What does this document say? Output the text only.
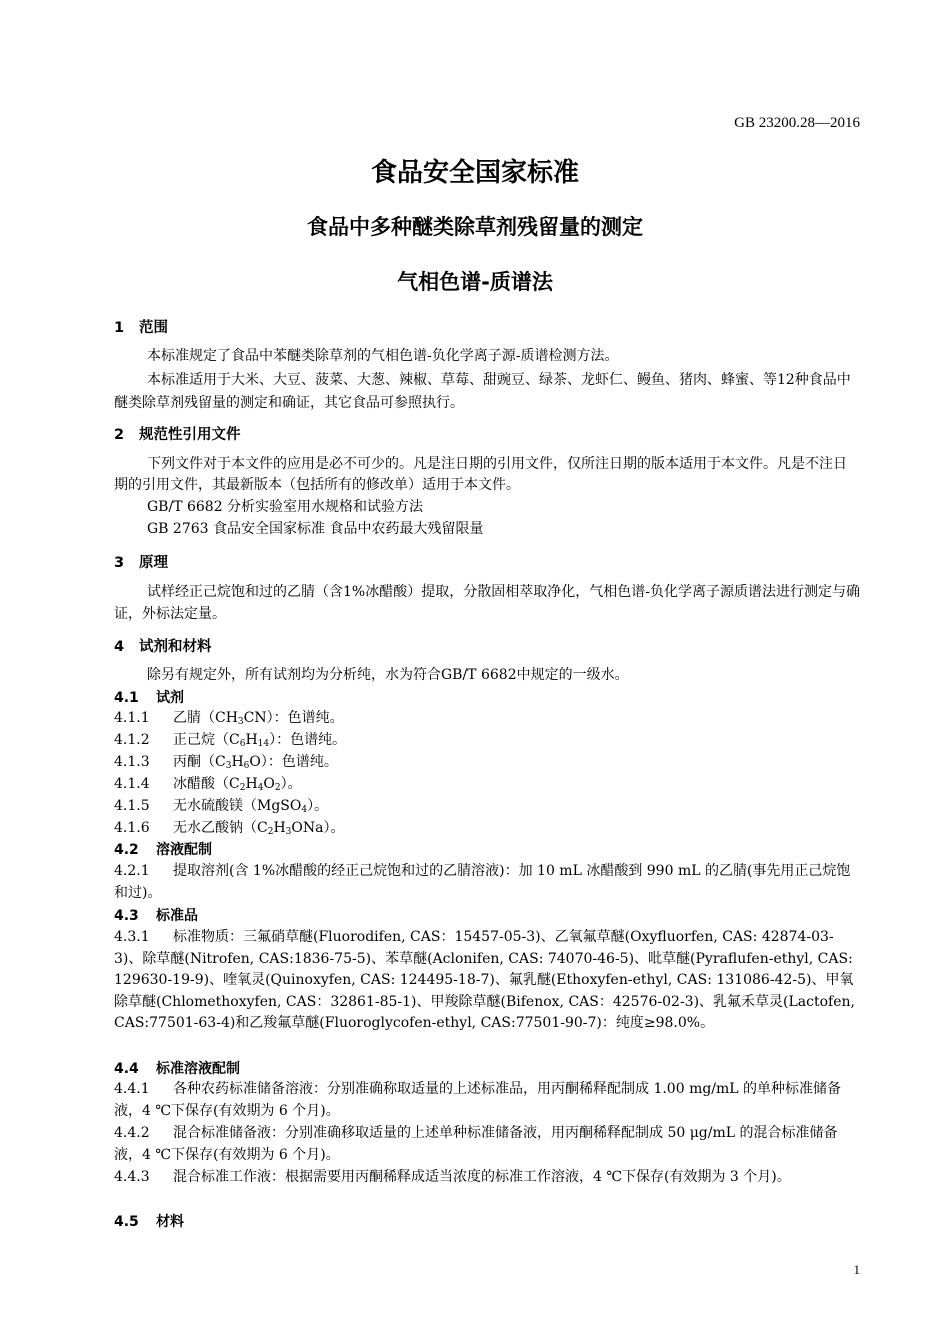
GB 23200.28—2016
食品安全国家标准
食品中多种醚类除草剂残留量的测定
气相色谱-质谱法
1 范围
本标准规定了食品中苯醚类除草剂的气相色谱-负化学离子源-质谱检测方法。
本标准适用于大米、大豆、菠菜、大葱、辣椒、草莓、甜豌豆、绿茶、龙虾仁、鳗鱼、猪肉、蜂蜜、等12种食品中醚类除草剂残留量的测定和确证，其它食品可参照执行。
2 规范性引用文件
下列文件对于本文件的应用是必不可少的。凡是注日期的引用文件，仅所注日期的版本适用于本文件。凡是不注日期的引用文件，其最新版本（包括所有的修改单）适用于本文件。
GB/T 6682 分析实验室用水规格和试验方法
GB 2763 食品安全国家标准 食品中农药最大残留限量
3 原理
试样经正己烷饱和过的乙腈（含1%冰醋酸）提取，分散固相萃取净化，气相色谱-负化学离子源质谱法进行测定与确证，外标法定量。
4 试剂和材料
除另有规定外，所有试剂均为分析纯，水为符合GB/T 6682中规定的一级水。
4.1 试剂
4.1.1 乙腈$(CH_3CN)$：色谱纯。
4.1.2 正己烷$(C_6H_{14})$：色谱纯。
4.1.3 丙酮$(C_3H_6O)$：色谱纯。
4.1.4 冰醋酸$(C_2H_4O_2)$。
4.1.5 无水硫酸镁（MgSO$_4$）。
4.1.6 无水乙酸钠$(C_2H_3ONa)$。
4.2 溶液配制
4.2.1 提取溶剂(含 1%冰醋酸的经正己烷饱和过的乙腈溶液)：加 10 mL 冰醋酸到 990 mL 的乙腈(事先用正己烷饱和过)。
4.3 标准品
4.3.1 标准物质：三氟硝草醚(Fluorodifen, CAS：15457-05-3)、乙氧氟草醚(Oxyfluorfen, CAS: 42874-03-3)、除草醚(Nitrofen, CAS:1836-75-5)、苯草醚(Aclonifen, CAS: 74070-46-5)、吡草醚(Pyraflufen-ethyl, CAS: 129630-19-9)、喹氧灵(Quinoxyfen, CAS: 124495-18-7)、氟乳醚(Ethoxyfen-ethyl, CAS: 131086-42-5)、甲氧除草醚(Chlomethoxyfen, CAS：32861-85-1)、甲羧除草醚(Bifenox, CAS：42576-02-3)、乳氟禾草灵(Lactofen, CAS:77501-63-4)和乙羧氟草醚(Fluoroglycofen-ethyl, CAS:77501-90-7)：纯度≥98.0%。
4.4 标准溶液配制
4.4.1 各种农药标准储备溶液：分别准确称取适量的上述标准品，用丙酮稀释配制成 1.00 mg/mL 的单种标准储备液，4 ℃下保存(有效期为 6 个月)。
4.4.2 混合标准储备液：分别准确移取适量的上述单种标准储备液，用丙酮稀释配制成 50 μg/mL 的混合标准储备液，4 ℃下保存(有效期为 6 个月)。
4.4.3 混合标准工作液：根据需要用丙酮稀释成适当浓度的标准工作溶液，4 ℃下保存(有效期为 3 个月)。
4.5 材料
1
